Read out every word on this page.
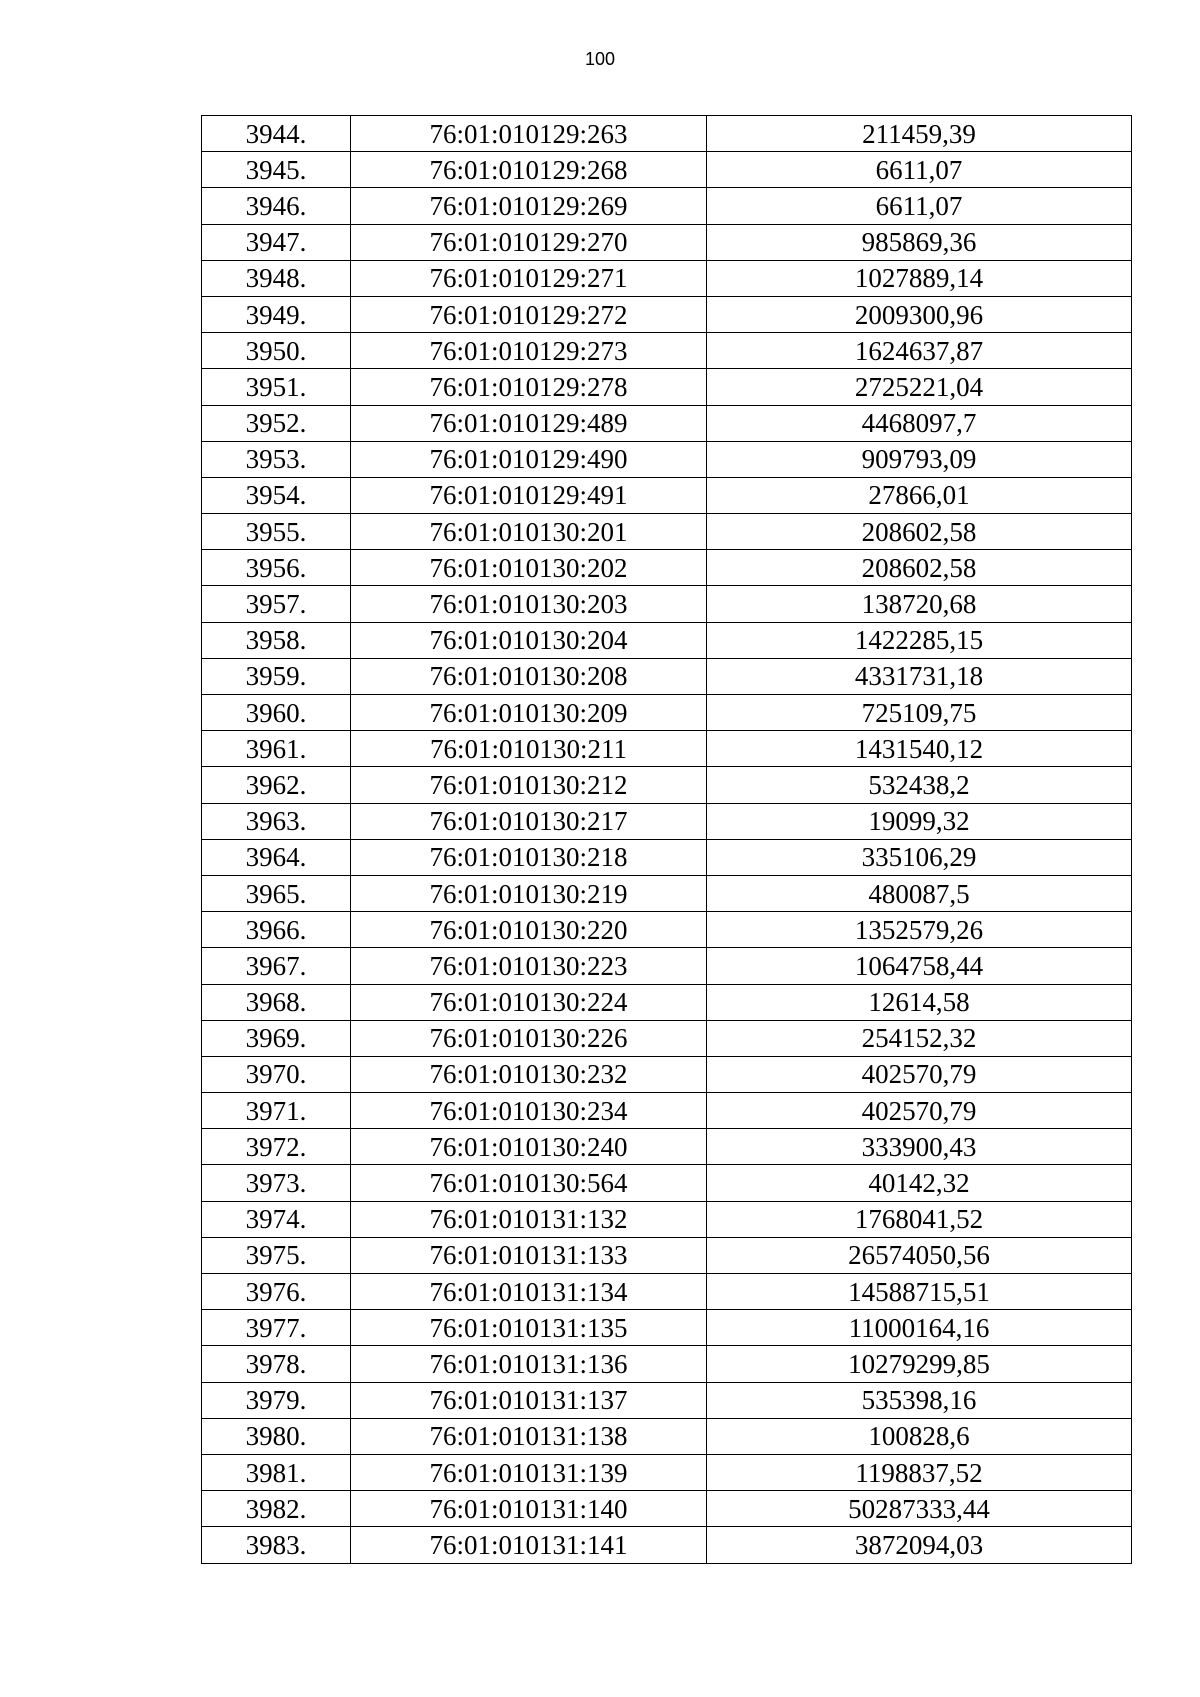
100
3944.	76:01:010129:263	211459,39
3945.	76:01:010129:268	6611,07
3946.	76:01:010129:269	6611,07
3947.	76:01:010129:270	985869,36
3948.	76:01:010129:271	1027889,14
3949.	76:01:010129:272	2009300,96
3950.	76:01:010129:273	1624637,87
3951.	76:01:010129:278	2725221,04
3952.	76:01:010129:489	4468097,7
3953.	76:01:010129:490	909793,09
3954.	76:01:010129:491	27866,01
3955.	76:01:010130:201	208602,58
3956.	76:01:010130:202	208602,58
3957.	76:01:010130:203	138720,68
3958.	76:01:010130:204	1422285,15
3959.	76:01:010130:208	4331731,18
3960.	76:01:010130:209	725109,75
3961.	76:01:010130:211	1431540,12
3962.	76:01:010130:212	532438,2
3963.	76:01:010130:217	19099,32
3964.	76:01:010130:218	335106,29
3965.	76:01:010130:219	480087,5
3966.	76:01:010130:220	1352579,26
3967.	76:01:010130:223	1064758,44
3968.	76:01:010130:224	12614,58
3969.	76:01:010130:226	254152,32
3970.	76:01:010130:232	402570,79
3971.	76:01:010130:234	402570,79
3972.	76:01:010130:240	333900,43
3973.	76:01:010130:564	40142,32
3974.	76:01:010131:132	1768041,52
3975.	76:01:010131:133	26574050,56
3976.	76:01:010131:134	14588715,51
3977.	76:01:010131:135	11000164,16
3978.	76:01:010131:136	10279299,85
3979.	76:01:010131:137	535398,16
3980.	76:01:010131:138	100828,6
3981.	76:01:010131:139	1198837,52
3982.	76:01:010131:140	50287333,44
3983.	76:01:010131:141	3872094,03
